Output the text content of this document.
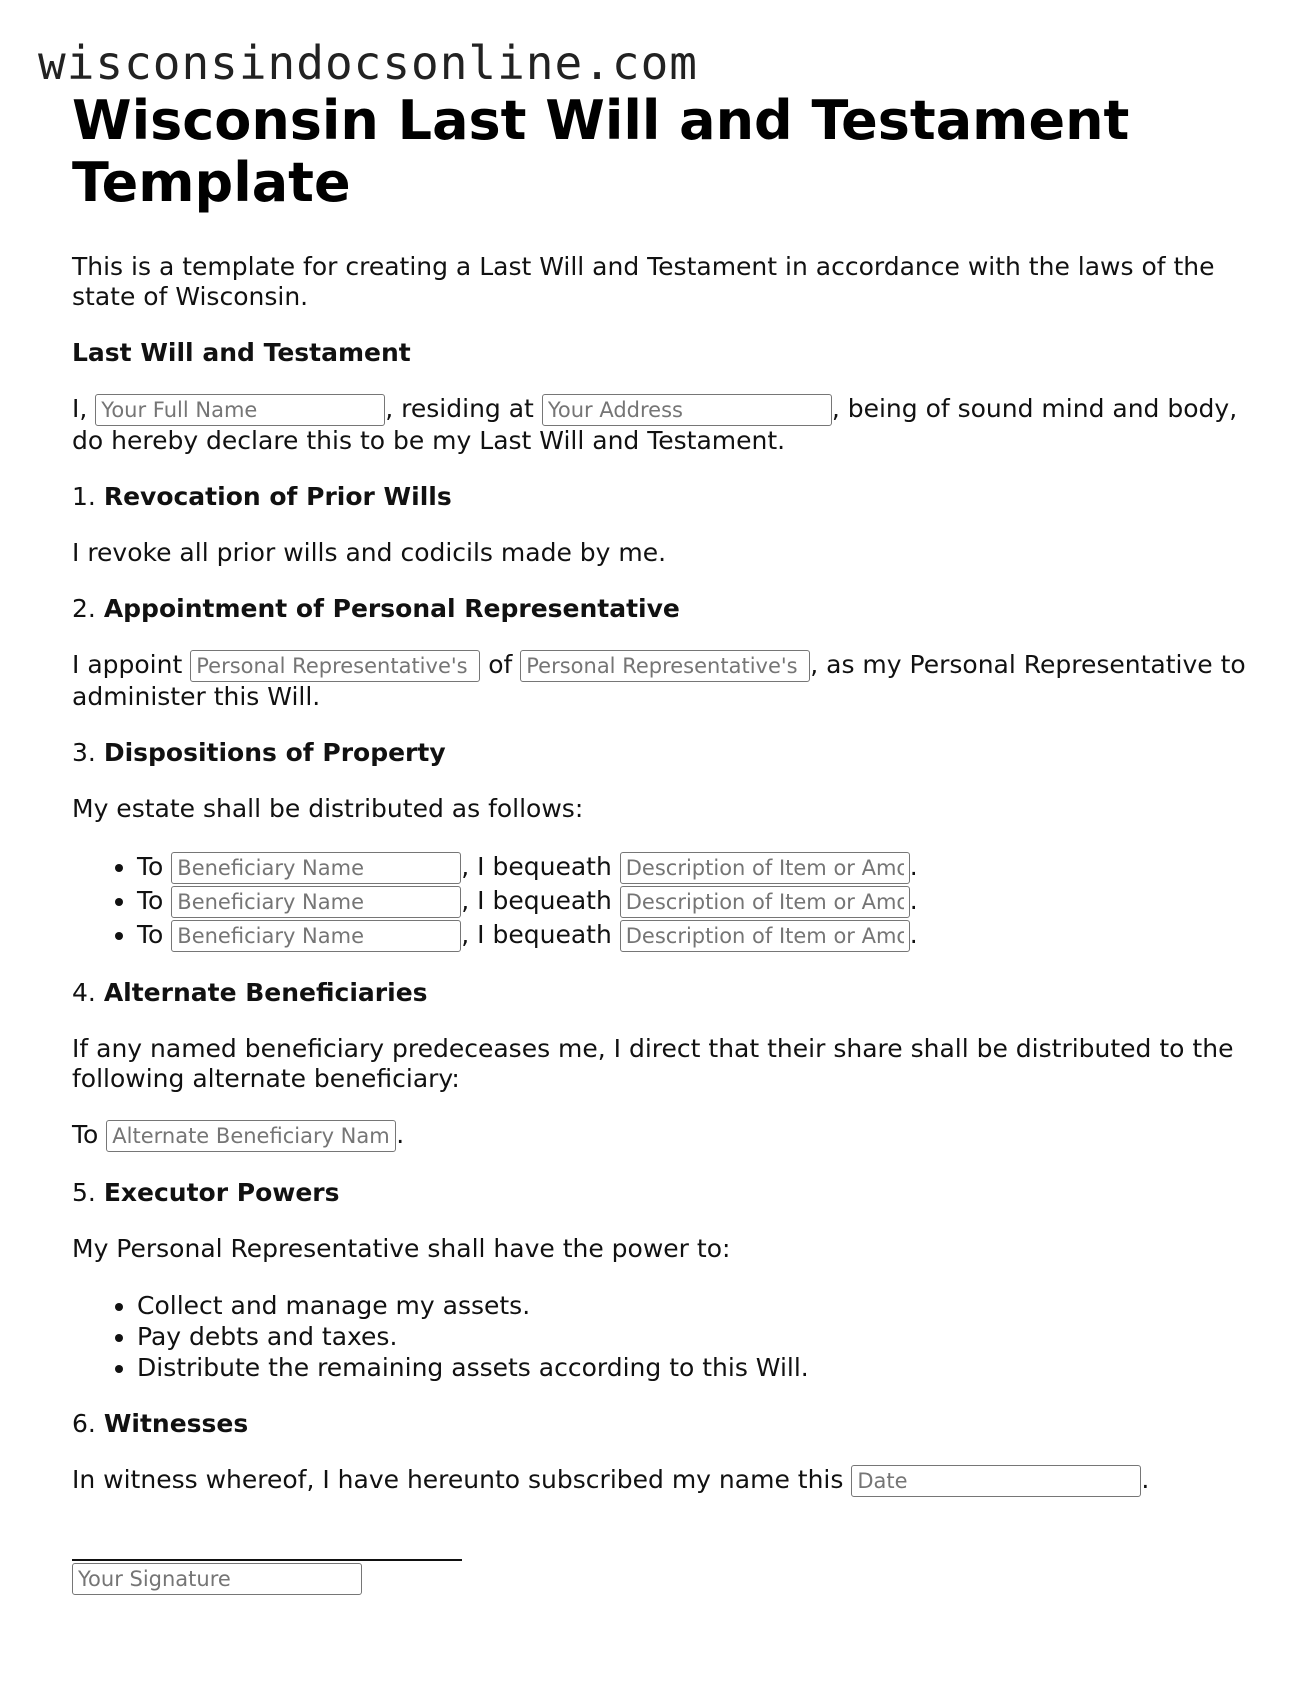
wisconsindocsonline.com
Wisconsin Last Will and Testament Template

This is a template for creating a Last Will and Testament in accordance with the laws of the state of Wisconsin.

Last Will and Testament

I, Your Full Name	, residing at Your Address	, being of sound mind and body, do hereby declare this to be my Last Will and Testament.

1. Revocation of Prior Wills

I revoke all prior wills and codicils made by me.

2. Appointment of Personal Representative

I appoint Personal Representative's	of Personal Representative's	, as my Personal Representative to administer this Will.

3. Dispositions of Property

My estate shall be distributed as follows:

• To Beneficiary Name	, I bequeath Description of Item or Amount	.
• To Beneficiary Name	, I bequeath Description of Item or Amount	.
• To Beneficiary Name	, I bequeath Description of Item or Amount	.
4. Alternate Beneficiaries

If any named beneficiary predeceases me, I direct that their share shall be distributed to the following alternate beneficiary:

To Alternate Beneficiary Name	.

5. Executor Powers

My Personal Representative shall have the power to:

• Collect and manage my assets.
• Pay debts and taxes.
• Distribute the remaining assets according to this Will.
6. Witnesses

In witness whereof, I have hereunto subscribed my name this Date	.

Your Signature
